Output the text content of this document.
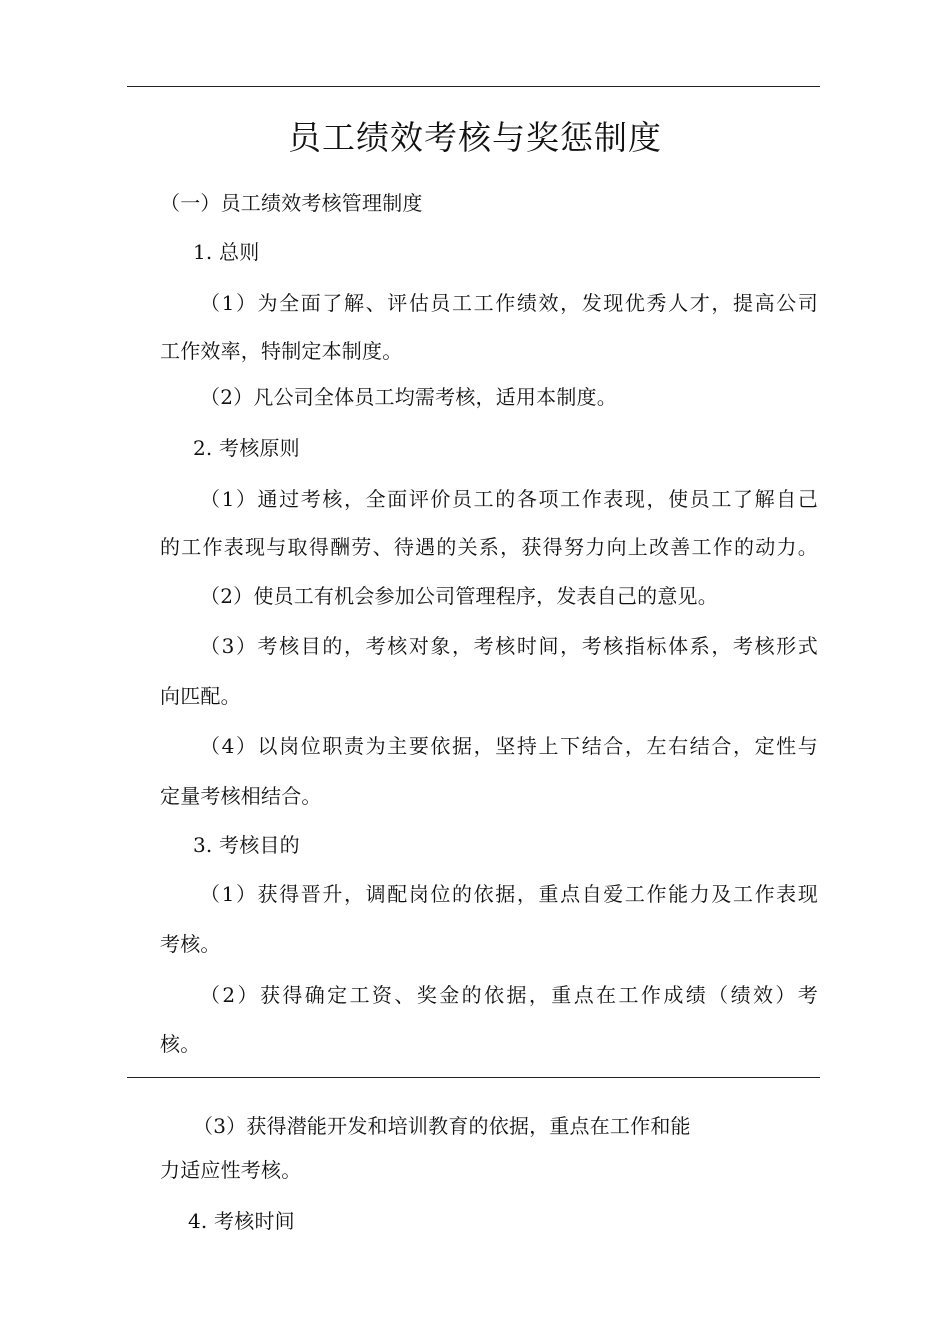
员工绩效考核与奖惩制度
（一）员工绩效考核管理制度
1. 总则
（1）为全面了解、评估员工工作绩效，发现优秀人才，提高公司
工作效率，特制定本制度。
（2）凡公司全体员工均需考核，适用本制度。
2. 考核原则
（1）通过考核，全面评价员工的各项工作表现，使员工了解自己
的工作表现与取得酬劳、待遇的关系，获得努力向上改善工作的动力。
（2）使员工有机会参加公司管理程序，发表自己的意见。
（3）考核目的，考核对象，考核时间，考核指标体系，考核形式
向匹配。
（4）以岗位职责为主要依据，坚持上下结合，左右结合，定性与
定量考核相结合。
3. 考核目的
（1）获得晋升，调配岗位的依据，重点自爱工作能力及工作表现
考核。
（2）获得确定工资、奖金的依据，重点在工作成绩（绩效）考
核。
（3）获得潜能开发和培训教育的依据，重点在工作和能
力适应性考核。
4. 考核时间
